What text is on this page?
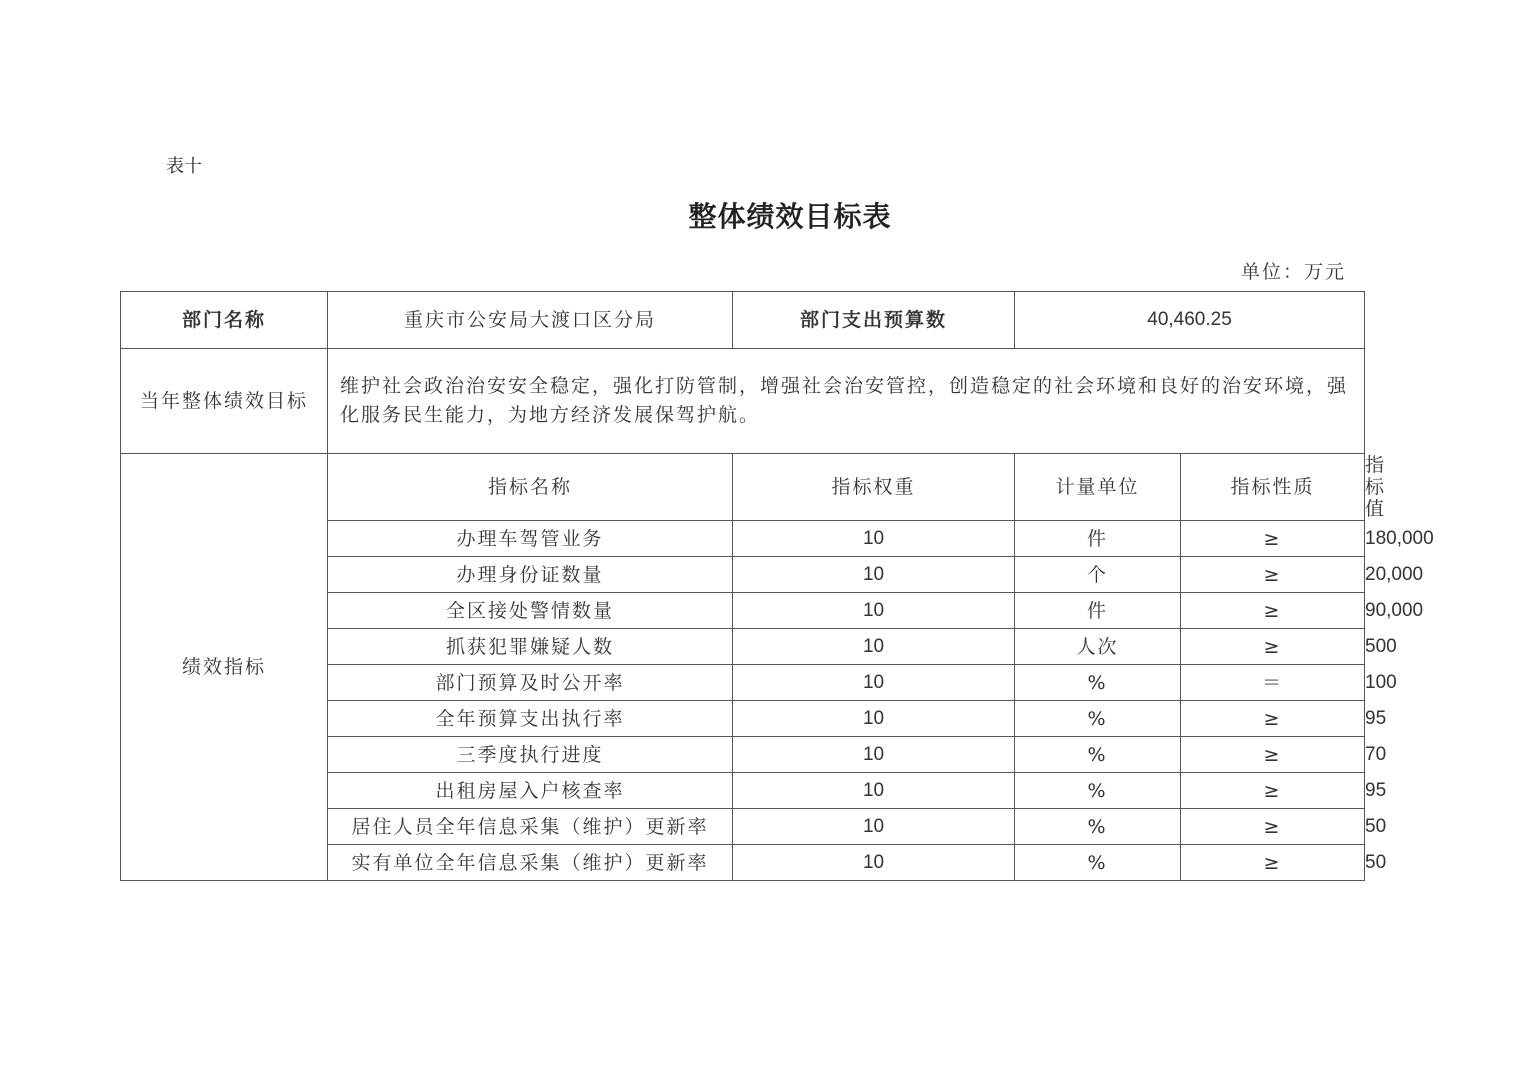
表十
整体绩效目标表
单位：万元
部门名称	重庆市公安局大渡口区分局	部门支出预算数	40,460.25		
当年整体绩效目标	维护社会政治治安安全稳定，强化打防管制，增强社会治安管控，创造稳定的社会环境和良好的治安环境，强化服务民生能力，为地方经济发展保驾护航。				
绩效指标	指标名称	指标权重	计量单位	指标性质	指标值
	办理车驾管业务	10	件	≥	180,000
	办理身份证数量	10	个	≥	20,000
	全区接处警情数量	10	件	≥	90,000
	抓获犯罪嫌疑人数	10	人次	≥	500
	部门预算及时公开率	10	%	＝	100
	全年预算支出执行率	10	%	≥	95
	三季度执行进度	10	%	≥	70
	出租房屋入户核查率	10	%	≥	95
	居住人员全年信息采集（维护）更新率	10	%	≥	50
	实有单位全年信息采集（维护）更新率	10	%	≥	50
